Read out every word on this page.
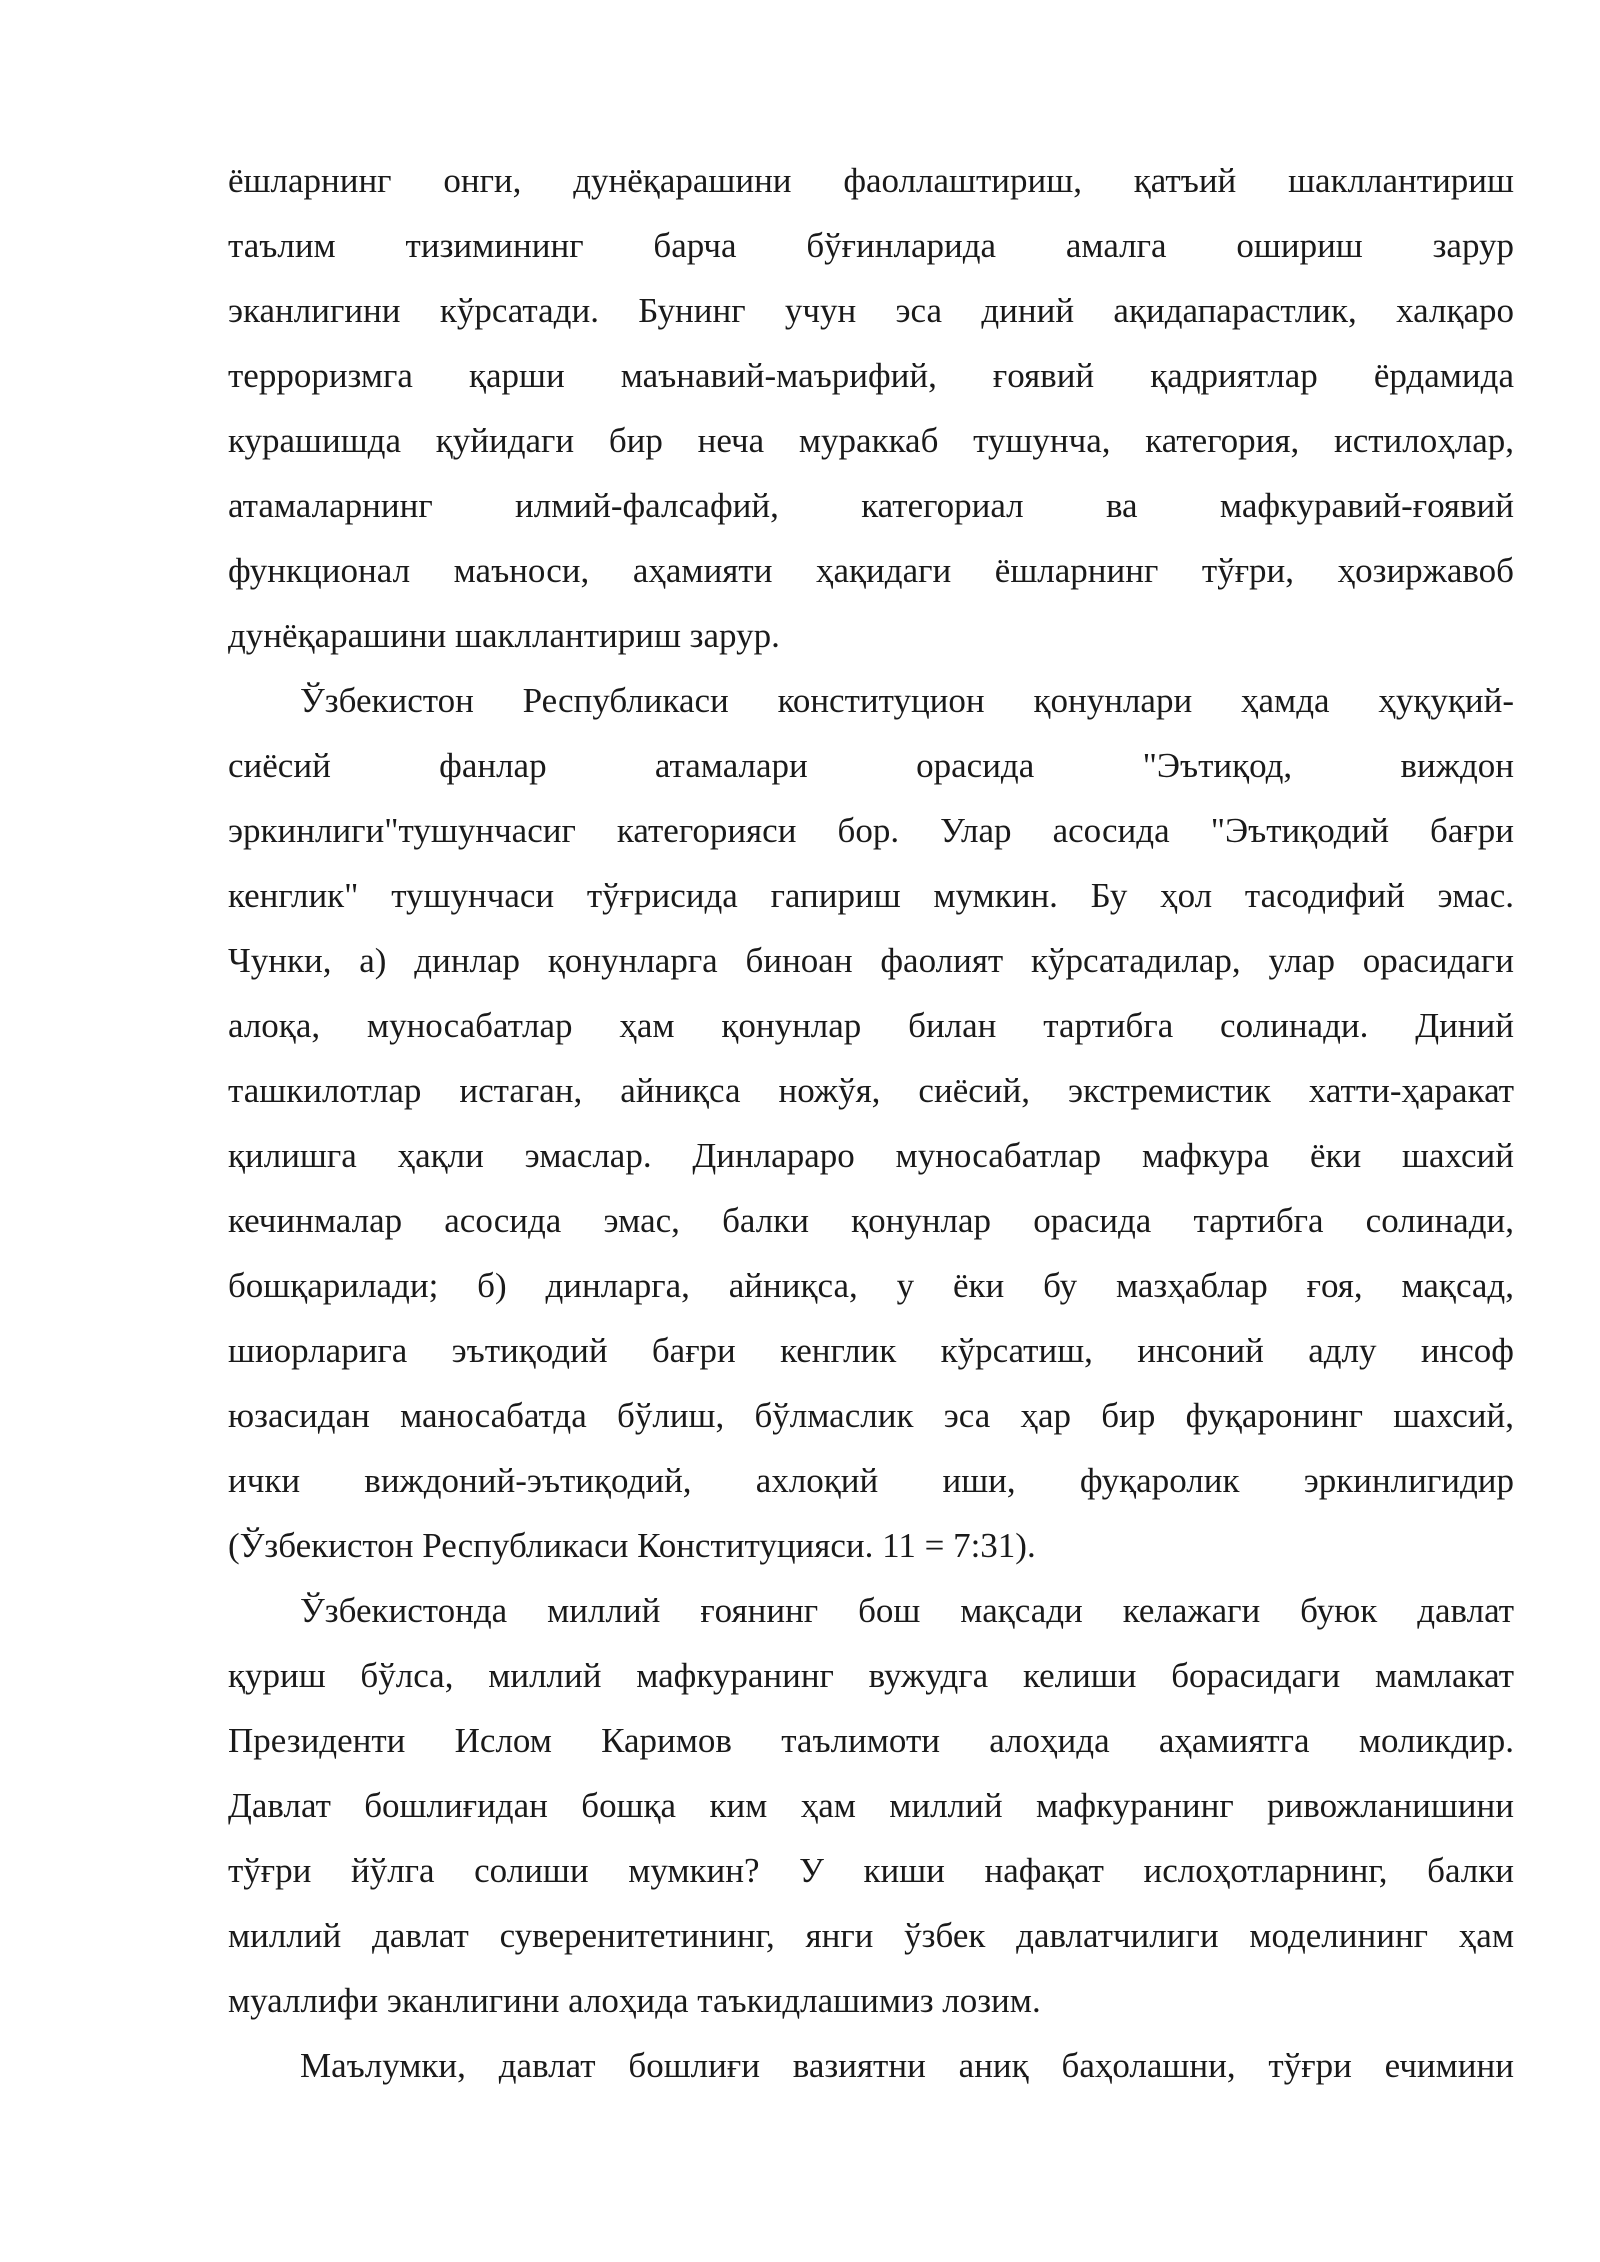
ёшларнинг онги, дунёқарашини фаоллаштириш, қатъий шакллантириш
таълим тизимининг барча бўғинларида амалга ошириш зарур
эканлигини кўрсатади. Бунинг учун эса диний ақидапарастлик, халқаро
терроризмга қарши маънавий-маърифий, ғоявий қадриятлар ёрдамида
курашишда қуйидаги бир неча мураккаб тушунча, категория, истилоҳлар,
атамаларнинг илмий-фалсафий, категориал ва мафкуравий-ғоявий
функционал маъноси, аҳамияти ҳақидаги ёшларнинг тўғри, ҳозиржавоб
дунёқарашини шакллантириш зарур.
Ўзбекистон Республикаси конституцион қонунлари ҳамда ҳуқуқий-
сиёсий фанлар атамалари орасида "Эътиқод, виждон
эркинлиги"тушунчасиг категорияси бор. Улар асосида "Эътиқодий бағри
кенглик" тушунчаси тўғрисида гапириш мумкин. Бу ҳол тасодифий эмас.
Чунки, а) динлар қонунларга биноан фаолият кўрсатадилар, улар орасидаги
алоқа, муносабатлар ҳам қонунлар билан тартибга солинади. Диний
ташкилотлар истаган, айниқса ножўя, сиёсий, экстремистик хатти-ҳаракат
қилишга ҳақли эмаслар. Динлараро муносабатлар мафкура ёки шахсий
кечинмалар асосида эмас, балки қонунлар орасида тартибга солинади,
бошқарилади; б) динларга, айниқса, у ёки бу мазҳаблар ғоя, мақсад,
шиорларига эътиқодий бағри кенглик кўрсатиш, инсоний адлу инсоф
юзасидан маносабатда бўлиш, бўлмаслик эса ҳар бир фуқаронинг шахсий,
ички виждоний-эътиқодий, ахлоқий иши, фуқаролик эркинлигидир
(Ўзбекистон Республикаси Конституцияси. 11 = 7:31).
Ўзбекистонда миллий ғоянинг бош мақсади келажаги буюк давлат
қуриш бўлса, миллий мафкуранинг вужудга келиши борасидаги мамлакат
Президенти Ислом Каримов таълимоти алоҳида аҳамиятга моликдир.
Давлат бошлиғидан бошқа ким ҳам миллий мафкуранинг ривожланишини
тўғри йўлга солиши мумкин? У киши нафақат ислоҳотларнинг, балки
миллий давлат суверенитетининг, янги ўзбек давлатчилиги моделининг ҳам
муаллифи эканлигини алоҳида таъкидлашимиз лозим.
Маълумки, давлат бошлиғи вазиятни аниқ баҳолашни, тўғри ечимини
